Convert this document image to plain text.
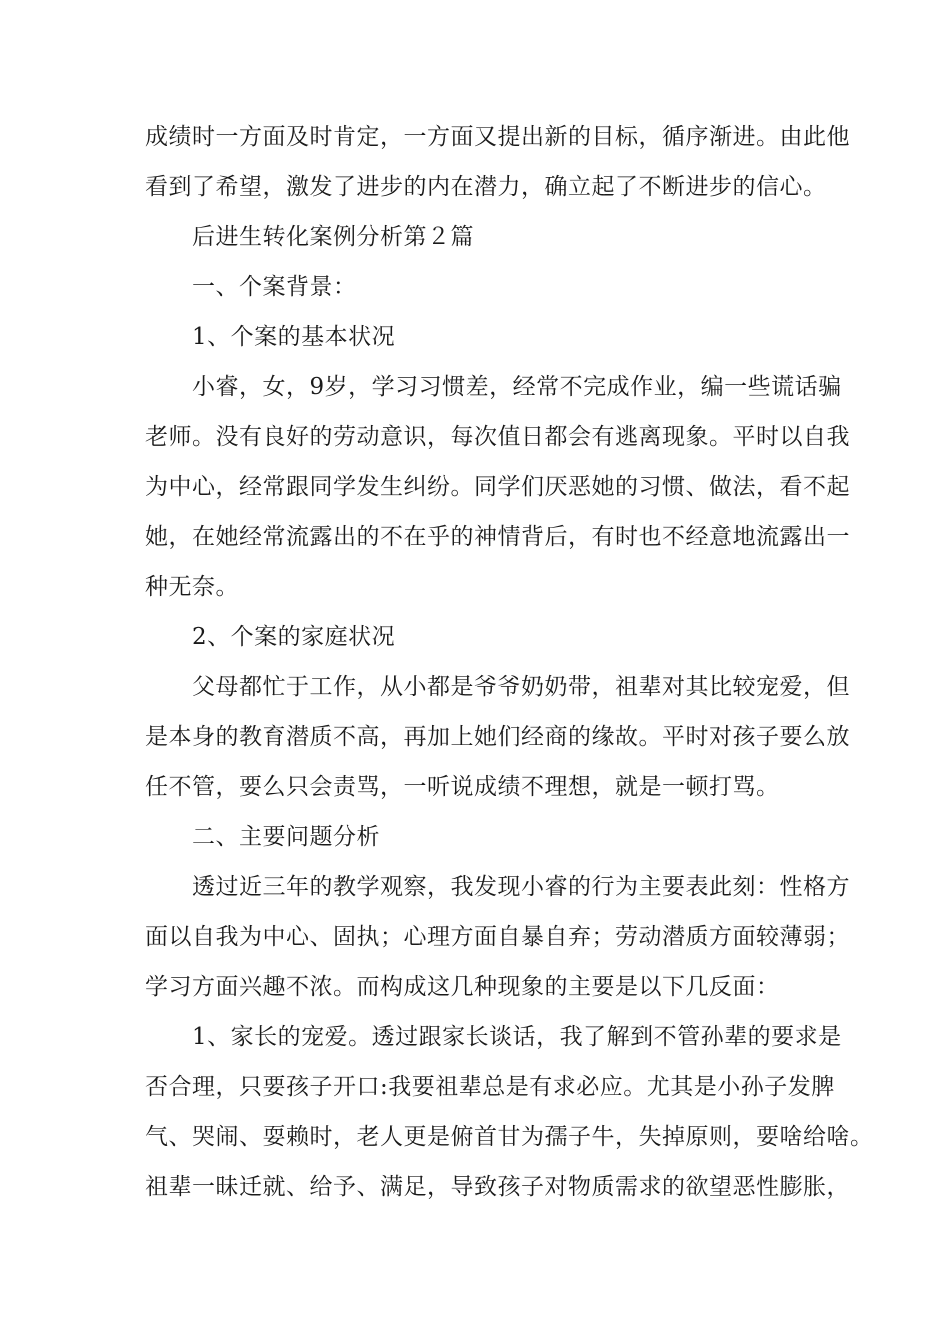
成绩时一方面及时肯定，一方面又提出新的目标，循序渐进。由此他
看到了希望，激发了进步的内在潜力，确立起了不断进步的信心。
后进生转化案例分析第２篇
一、个案背景：
1、个案的基本状况
小睿，女，9岁，学习习惯差，经常不完成作业，编一些谎话骗
老师。没有良好的劳动意识，每次值日都会有逃离现象。平时以自我
为中心，经常跟同学发生纠纷。同学们厌恶她的习惯、做法，看不起
她，在她经常流露出的不在乎的神情背后，有时也不经意地流露出一
种无奈。
2、个案的家庭状况
父母都忙于工作，从小都是爷爷奶奶带，祖辈对其比较宠爱，但
是本身的教育潜质不高，再加上她们经商的缘故。平时对孩子要么放
任不管，要么只会责骂，一听说成绩不理想，就是一顿打骂。
二、主要问题分析
透过近三年的教学观察，我发现小睿的行为主要表此刻：性格方
面以自我为中心、固执；心理方面自暴自弃；劳动潜质方面较薄弱；
学习方面兴趣不浓。而构成这几种现象的主要是以下几反面：
1、家长的宠爱。透过跟家长谈话，我了解到不管孙辈的要求是
否合理，只要孩子开口:我要祖辈总是有求必应。尤其是小孙子发脾
气、哭闹、耍赖时，老人更是俯首甘为孺子牛，失掉原则，要啥给啥。
祖辈一昧迁就、给予、满足，导致孩子对物质需求的欲望恶性膨胀，
